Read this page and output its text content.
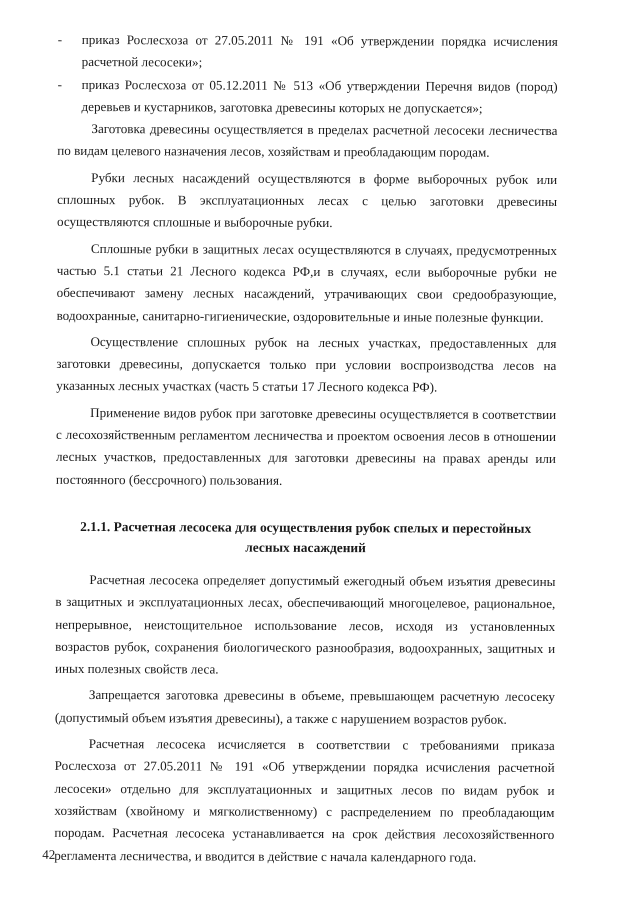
-	приказ Рослесхоза от 27.05.2011 № 191 «Об утверждении порядка исчисления расчетной лесосеки»;
-	приказ Рослесхоза от 05.12.2011 № 513 «Об утверждении Перечня видов (пород) деревьев и кустарников, заготовка древесины которых не допускается»;

Заготовка древесины осуществляется в пределах расчетной лесосеки лесничества по видам целевого назначения лесов, хозяйствам и преобладающим породам.

Рубки лесных насаждений осуществляются в форме выборочных рубок или сплошных рубок. В эксплуатационных лесах с целью заготовки древесины осуществляются сплошные и выборочные рубки.

Сплошные рубки в защитных лесах осуществляются в случаях, предусмотренных частью 5.1 статьи 21 Лесного кодекса РФ,и в случаях, если выборочные рубки не обеспечивают замену лесных насаждений, утрачивающих свои средообразующие, водоохранные, санитарно-гигиенические, оздоровительные и иные полезные функции.

Осуществление сплошных рубок на лесных участках, предоставленных для заготовки древесины, допускается только при условии воспроизводства лесов на указанных лесных участках (часть 5 статьи 17 Лесного кодекса РФ).

Применение видов рубок при заготовке древесины осуществляется в соответствии с лесохозяйственным регламентом лесничества и проектом освоения лесов в отношении лесных участков, предоставленных для заготовки древесины на правах аренды или постоянного (бессрочного) пользования.

2.1.1. Расчетная лесосека для осуществления рубок спелых и перестойных лесных насаждений

Расчетная лесосека определяет допустимый ежегодный объем изъятия древесины в защитных и эксплуатационных лесах, обеспечивающий многоцелевое, рациональное, непрерывное, неистощительное использование лесов, исходя из установленных возрастов рубок, сохранения биологического разнообразия, водоохранных, защитных и иных полезных свойств леса.

Запрещается заготовка древесины в объеме, превышающем расчетную лесосеку (допустимый объем изъятия древесины), а также с нарушением возрастов рубок.

Расчетная лесосека исчисляется в соответствии с требованиями приказа Рослесхоза от 27.05.2011 № 191 «Об утверждении порядка исчисления расчетной лесосеки» отдельно для эксплуатационных и защитных лесов по видам рубок и хозяйствам (хвойному и мягколиственному) с распределением по преобладающим породам. Расчетная лесосека устанавливается на срок действия лесохозяйственного регламента лесничества, и вводится в действие с начала календарного года.

42
